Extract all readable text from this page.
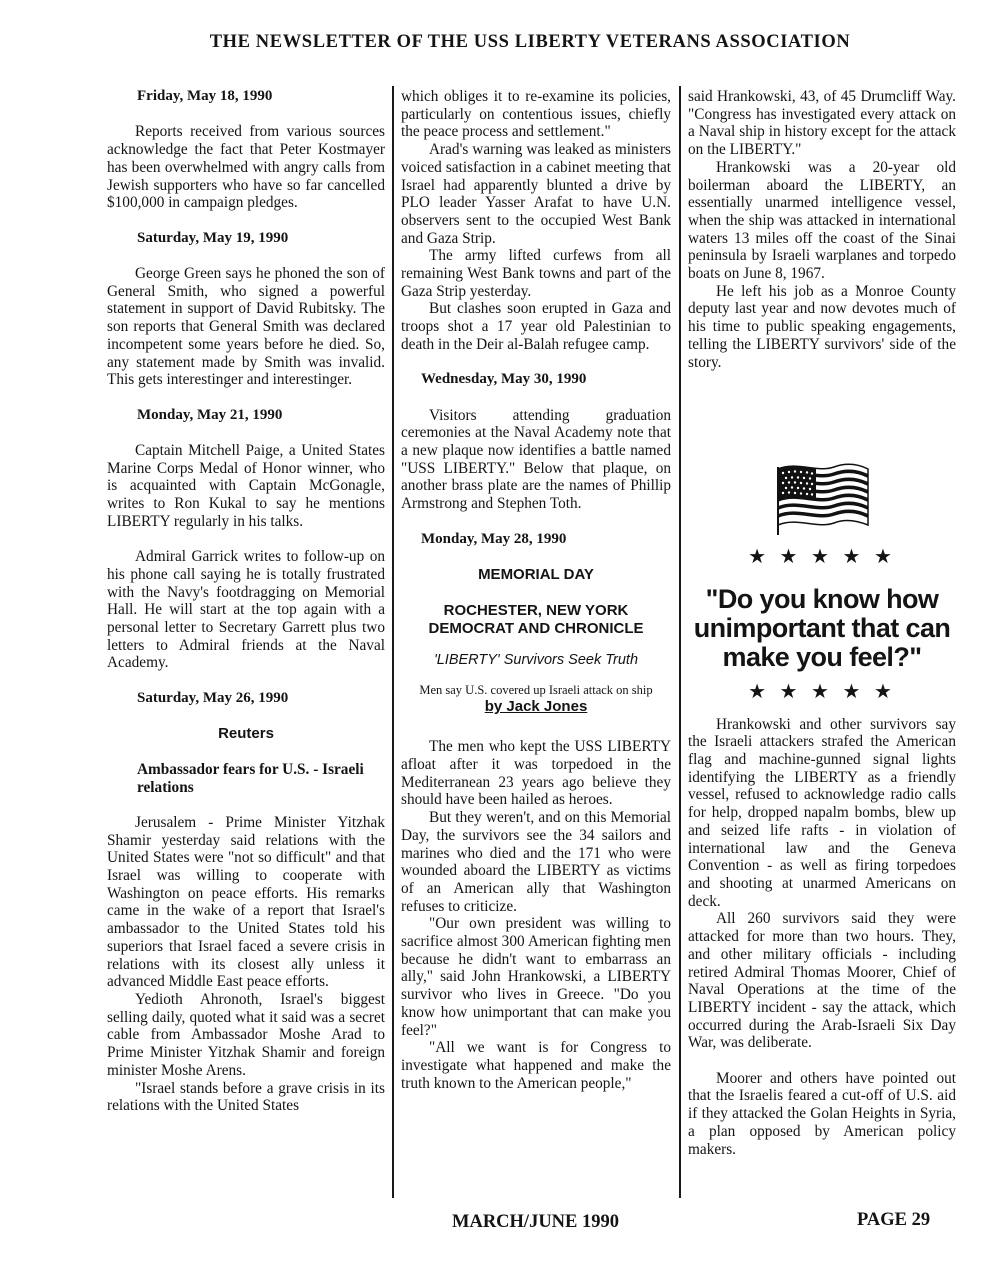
THE NEWSLETTER OF THE USS LIBERTY VETERANS ASSOCIATION

Friday, May 18, 1990

Reports received from various sources acknowledge the fact that Peter Kostmayer has been overwhelmed with angry calls from Jewish supporters who have so far cancelled $100,000 in campaign pledges.

Saturday, May 19, 1990

George Green says he phoned the son of General Smith, who signed a powerful statement in support of David Rubitsky. The son reports that General Smith was declared incompetent some years before he died. So, any statement made by Smith was invalid. This gets interestinger and interestinger.

Monday, May 21, 1990

Captain Mitchell Paige, a United States Marine Corps Medal of Honor winner, who is acquainted with Captain McGonagle, writes to Ron Kukal to say he mentions LIBERTY regularly in his talks.

Admiral Garrick writes to follow-up on his phone call saying he is totally frustrated with the Navy's footdragging on Memorial Hall. He will start at the top again with a personal letter to Secretary Garrett plus two letters to Admiral friends at the Naval Academy.

Saturday, May 26, 1990

Reuters

Ambassador fears for U.S. - Israeli relations

Jerusalem - Prime Minister Yitzhak Shamir yesterday said relations with the United States were "not so difficult" and that Israel was willing to cooperate with Washington on peace efforts. His remarks came in the wake of a report that Israel's ambassador to the United States told his superiors that Israel faced a severe crisis in relations with its closest ally unless it advanced Middle East peace efforts.

Yedioth Ahronoth, Israel's biggest selling daily, quoted what it said was a secret cable from Ambassador Moshe Arad to Prime Minister Yitzhak Shamir and foreign minister Moshe Arens.

"Israel stands before a grave crisis in its relations with the United States

which obliges it to re-examine its policies, particularly on contentious issues, chiefly the peace process and settlement."

Arad's warning was leaked as ministers voiced satisfaction in a cabinet meeting that Israel had apparently blunted a drive by PLO leader Yasser Arafat to have U.N. observers sent to the occupied West Bank and Gaza Strip.

The army lifted curfews from all remaining West Bank towns and part of the Gaza Strip yesterday.

But clashes soon erupted in Gaza and troops shot a 17 year old Palestinian to death in the Deir al-Balah refugee camp.

Wednesday, May 30, 1990

Visitors attending graduation ceremonies at the Naval Academy note that a new plaque now identifies a battle named "USS LIBERTY." Below that plaque, on another brass plate are the names of Phillip Armstrong and Stephen Toth.

Monday, May 28, 1990

MEMORIAL DAY

ROCHESTER, NEW YORK DEMOCRAT AND CHRONICLE

'LIBERTY' Survivors Seek Truth

Men say U.S. covered up Israeli attack on ship

by Jack Jones

The men who kept the USS LIBERTY afloat after it was torpedoed in the Mediterranean 23 years ago believe they should have been hailed as heroes.

But they weren't, and on this Memorial Day, the survivors see the 34 sailors and marines who died and the 171 who were wounded aboard the LIBERTY as victims of an American ally that Washington refuses to criticize.

"Our own president was willing to sacrifice almost 300 American fighting men because he didn't want to embarrass an ally," said John Hrankowski, a LIBERTY survivor who lives in Greece. "Do you know how unimportant that can make you feel?"

"All we want is for Congress to investigate what happened and make the truth known to the American people,"

said Hrankowski, 43, of 45 Drumcliff Way. "Congress has investigated every attack on a Naval ship in history except for the attack on the LIBERTY."

Hrankowski was a 20-year old boilerman aboard the LIBERTY, an essentially unarmed intelligence vessel, when the ship was attacked in international waters 13 miles off the coast of the Sinai peninsula by Israeli warplanes and torpedo boats on June 8, 1967.

He left his job as a Monroe County deputy last year and now devotes much of his time to public speaking engagements, telling the LIBERTY survivors' side of the story.

★ ★ ★ ★ ★

"Do you know how unimportant that can make you feel?"

★ ★ ★ ★ ★

Hrankowski and other survivors say the Israeli attackers strafed the American flag and machine-gunned signal lights identifying the LIBERTY as a friendly vessel, refused to acknowledge radio calls for help, dropped napalm bombs, blew up and seized life rafts - in violation of international law and the Geneva Convention - as well as firing torpedoes and shooting at unarmed Americans on deck.

All 260 survivors said they were attacked for more than two hours. They, and other military officials - including retired Admiral Thomas Moorer, Chief of Naval Operations at the time of the LIBERTY incident - say the attack, which occurred during the Arab-Israeli Six Day War, was deliberate.

Moorer and others have pointed out that the Israelis feared a cut-off of U.S. aid if they attacked the Golan Heights in Syria, a plan opposed by American policy makers.

MARCH/JUNE 1990	PAGE 29
